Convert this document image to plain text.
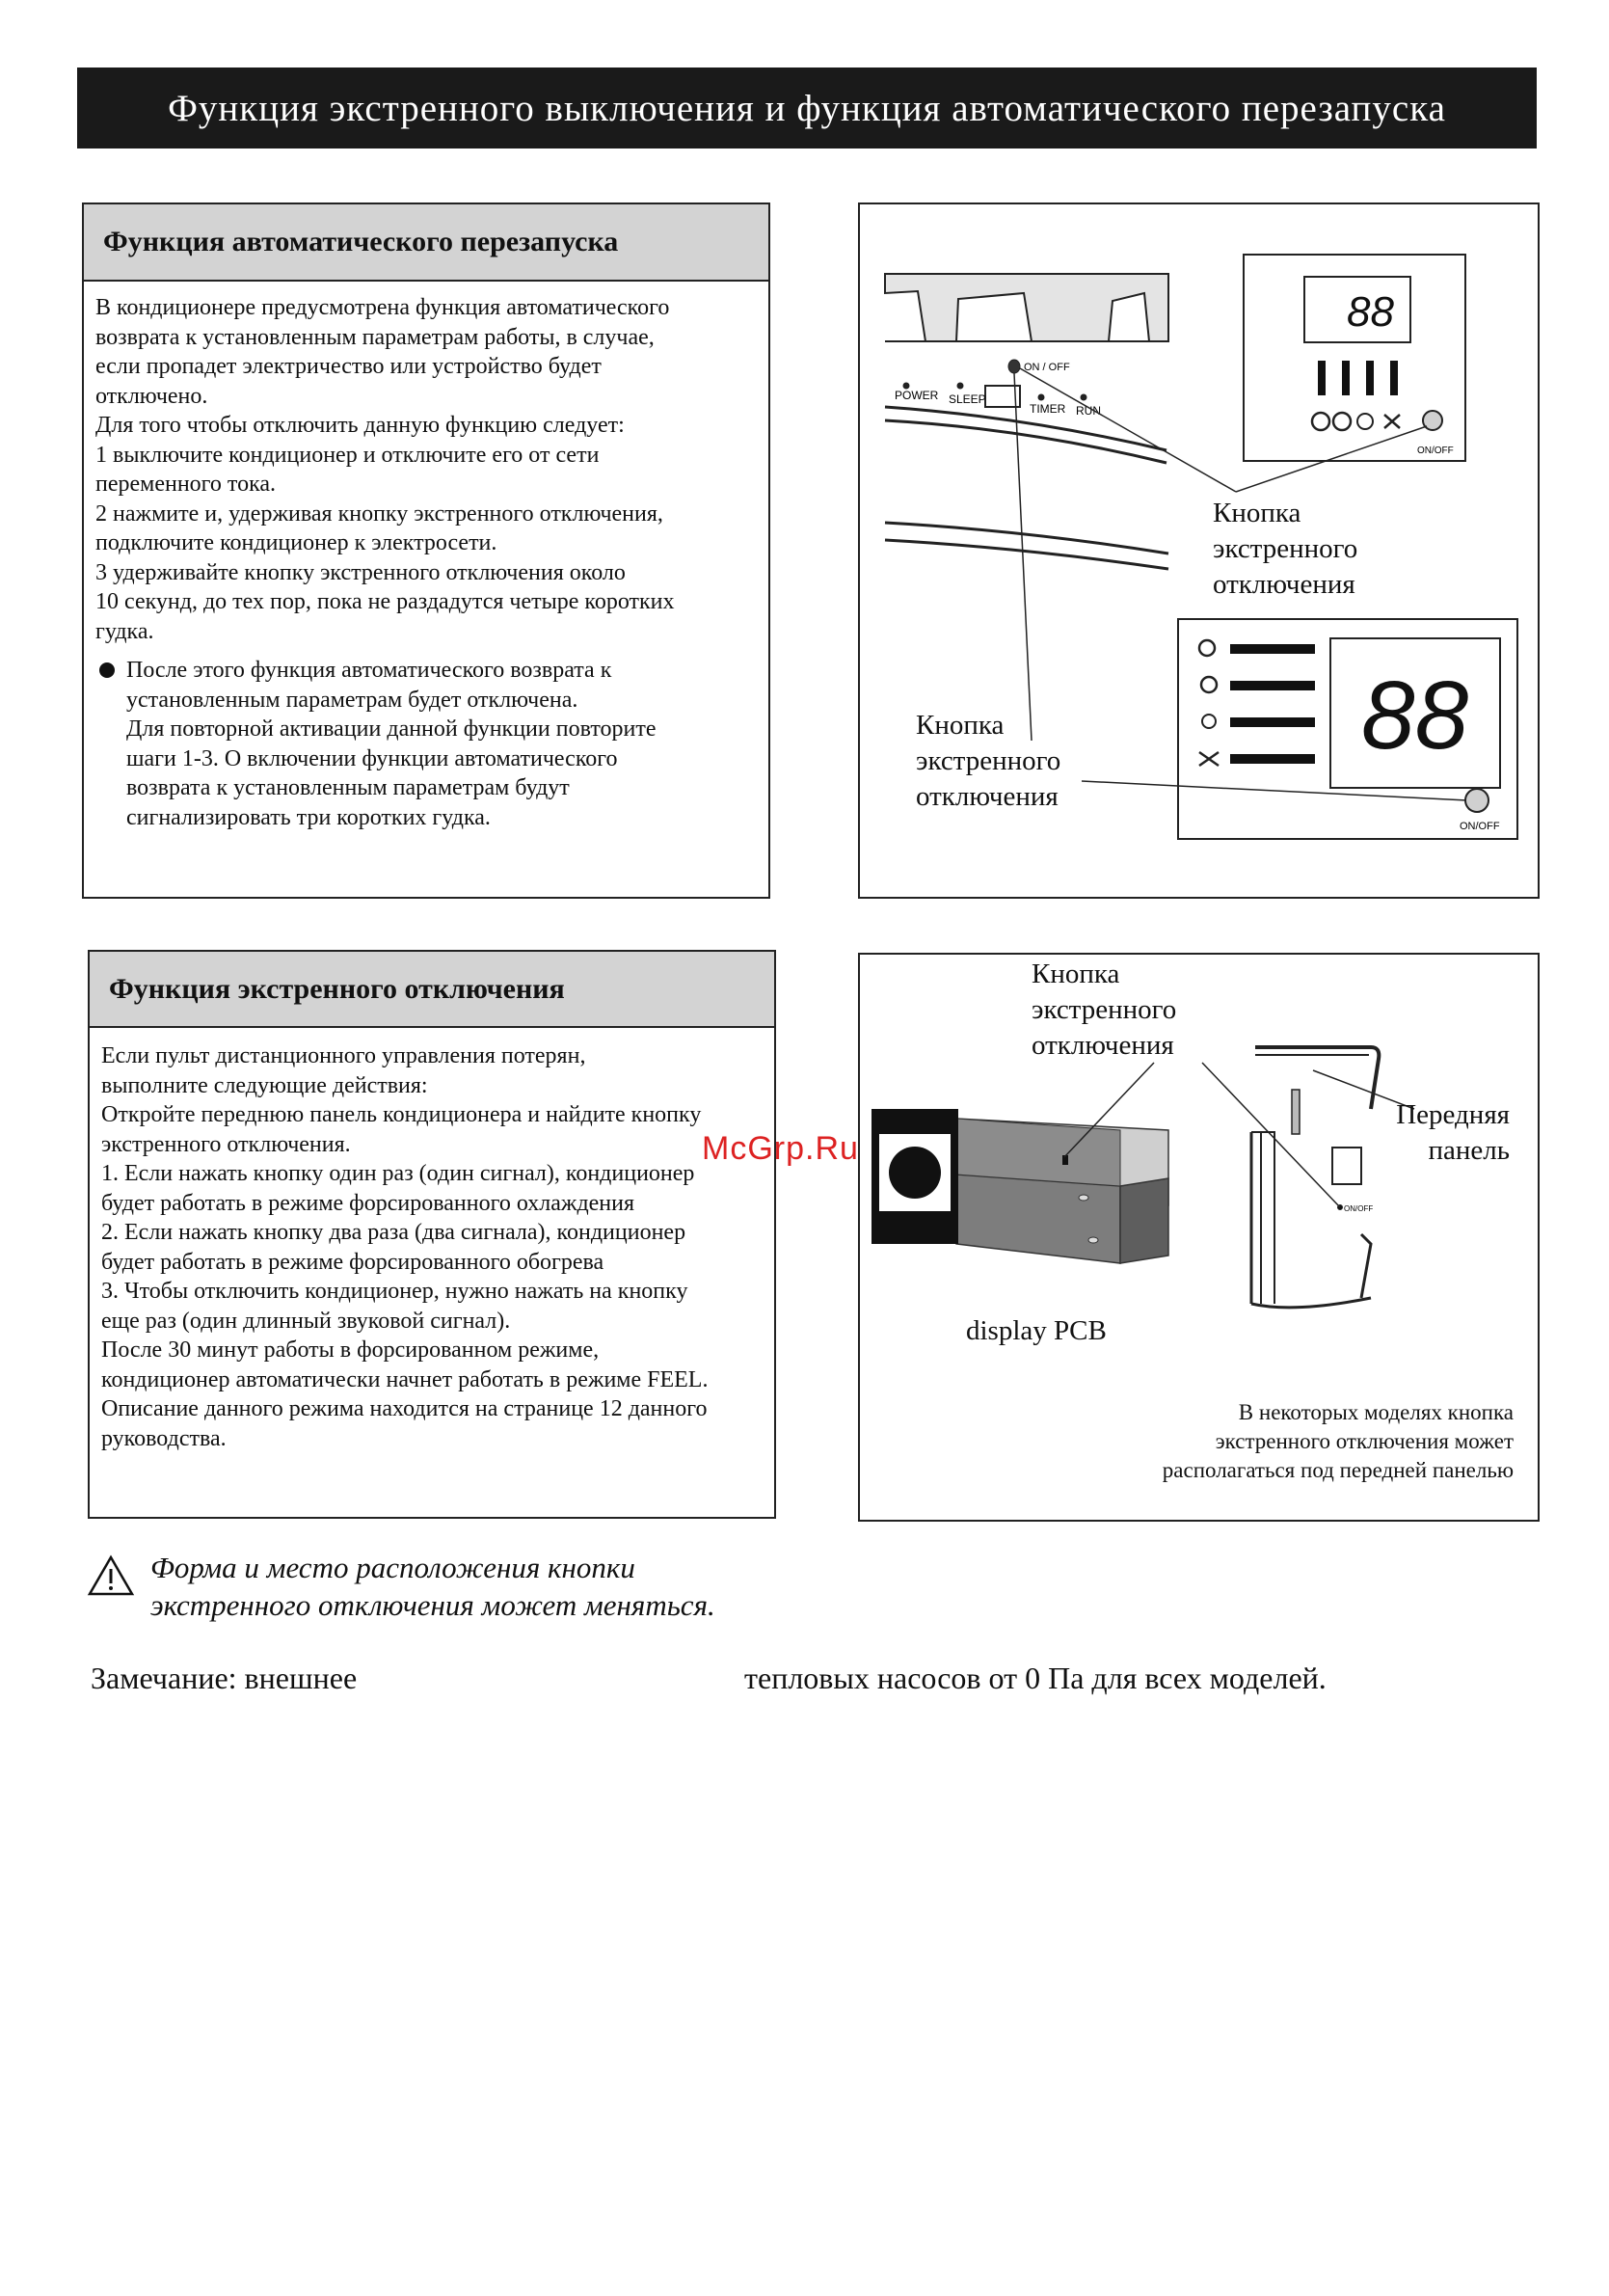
Функция экстренного выключения и функция автоматического перезапуска
Функция автоматического перезапуска

В кондиционере предусмотрена функция автоматического
возврата к установленным параметрам работы, в случае,
если пропадет электричество или устройство будет
отключено.
Для того чтобы отключить данную функцию следует:
1 выключите кондиционер и отключите его от сети
переменного тока.
2 нажмите и, удерживая кнопку экстренного отключения,
подключите кондиционер к электросети.
3 удерживайте кнопку экстренного отключения около
10 секунд, до тех пор, пока не раздадутся четыре коротких
гудка.

После этого функция автоматического возврата к
установленным параметрам будет отключена.
Для повторной активации данной функции повторите
шаги 1-3. О включении функции автоматического
возврата к установленным параметрам будут
сигнализировать три коротких гудка.
ON / OFF
POWER SLEEP
TIMER RUN
88
ON/OFF
88
ON/OFF
Кнопка
экстренного
отключения
Кнопка
экстренного
отключения
Функция экстренного отключения

Если пульт дистанционного управления потерян,
выполните следующие действия:
Откройте переднюю панель кондиционера и найдите кнопку
экстренного отключения.
1. Если нажать кнопку один раз (один сигнал), кондиционер
будет работать в режиме форсированного охлаждения
2. Если нажать кнопку два раза (два сигнала), кондиционер
будет работать в режиме форсированного обогрева
3. Чтобы отключить кондиционер, нужно нажать на кнопку
еще раз (один длинный звуковой сигнал).
После 30 минут работы в форсированном режиме,
кондиционер автоматически начнет работать в режиме FEEL.
Описание данного режима находится на странице 12 данного
руководства.

ON/OFF
Кнопка
экстренного
отключения
Передняя
панель
display PCB
В некоторых моделях кнопка
экстренного отключения может
располагаться под передней панелью
McGrp.Ru
Форма и место расположения кнопки
экстренного отключения может меняться.
Замечание: внешнее	тепловых насосов от 0 Па для всех моделей.
